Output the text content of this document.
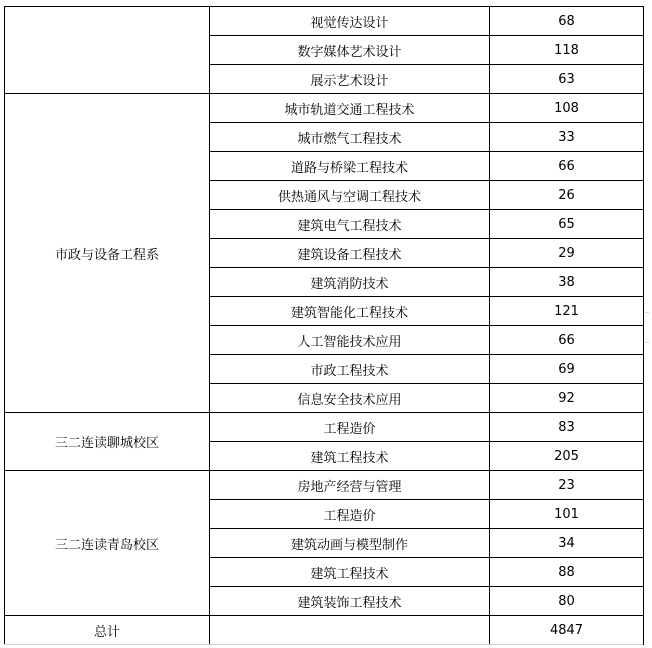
	视觉传达设计	68
	数字媒体艺术设计	118
	展示艺术设计	63
市政与设备工程系	城市轨道交通工程技术	108
	城市燃气工程技术	33
	道路与桥梁工程技术	66
	供热通风与空调工程技术	26
	建筑电气工程技术	65
	建筑设备工程技术	29
	建筑消防技术	38
	建筑智能化工程技术	121
	人工智能技术应用	66
	市政工程技术	69
	信息安全技术应用	92
三二连读聊城校区	工程造价	83
	建筑工程技术	205
三二连读青岛校区	房地产经营与管理	23
	工程造价	101
	建筑动画与模型制作	34
	建筑工程技术	88
	建筑装饰工程技术	80
总计		4847
